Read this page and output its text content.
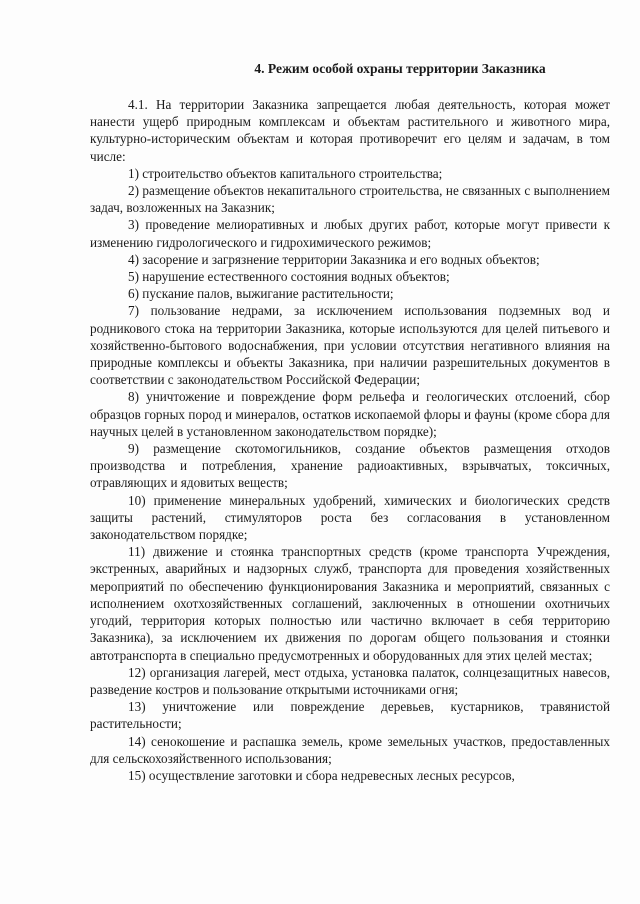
4. Режим особой охраны территории Заказника

4.1. На территории Заказника запрещается любая деятельность, которая может нанести ущерб природным комплексам и объектам растительного и животного мира, культурно-историческим объектам и которая противоречит его целям и задачам, в том числе:

1) строительство объектов капитального строительства;

2) размещение объектов некапитального строительства, не связанных с выполнением задач, возложенных на Заказник;

3) проведение мелиоративных и любых других работ, которые могут привести к изменению гидрологического и гидрохимического режимов;

4) засорение и загрязнение территории Заказника и его водных объектов;

5) нарушение естественного состояния водных объектов;

6) пускание палов, выжигание растительности;

7) пользование недрами, за исключением использования подземных вод и родникового стока на территории Заказника, которые используются для целей питьевого и хозяйственно-бытового водоснабжения, при условии отсутствия негативного влияния на природные комплексы и объекты Заказника, при наличии разрешительных документов в соответствии с законодательством Российской Федерации;

8) уничтожение и повреждение форм рельефа и геологических отслоений, сбор образцов горных пород и минералов, остатков ископаемой флоры и фауны (кроме сбора для научных целей в установленном законодательством порядке);

9) размещение скотомогильников, создание объектов размещения отходов производства и потребления, хранение радиоактивных, взрывчатых, токсичных, отравляющих и ядовитых веществ;

10) применение минеральных удобрений, химических и биологических средств защиты растений, стимуляторов роста без согласования в установленном законодательством порядке;

11) движение и стоянка транспортных средств (кроме транспорта Учреждения, экстренных, аварийных и надзорных служб, транспорта для проведения хозяйственных мероприятий по обеспечению функционирования Заказника и мероприятий, связанных с исполнением охотхозяйственных соглашений, заключенных в отношении охотничьих угодий, территория которых полностью или частично включает в себя территорию Заказника), за исключением их движения по дорогам общего пользования и стоянки автотранспорта в специально предусмотренных и оборудованных для этих целей местах;

12) организация лагерей, мест отдыха, установка палаток, солнцезащитных навесов, разведение костров и пользование открытыми источниками огня;

13) уничтожение или повреждение деревьев, кустарников, травянистой растительности;

14) сенокошение и распашка земель, кроме земельных участков, предоставленных для сельскохозяйственного использования;

15) осуществление заготовки и сбора недревесных лесных ресурсов,
